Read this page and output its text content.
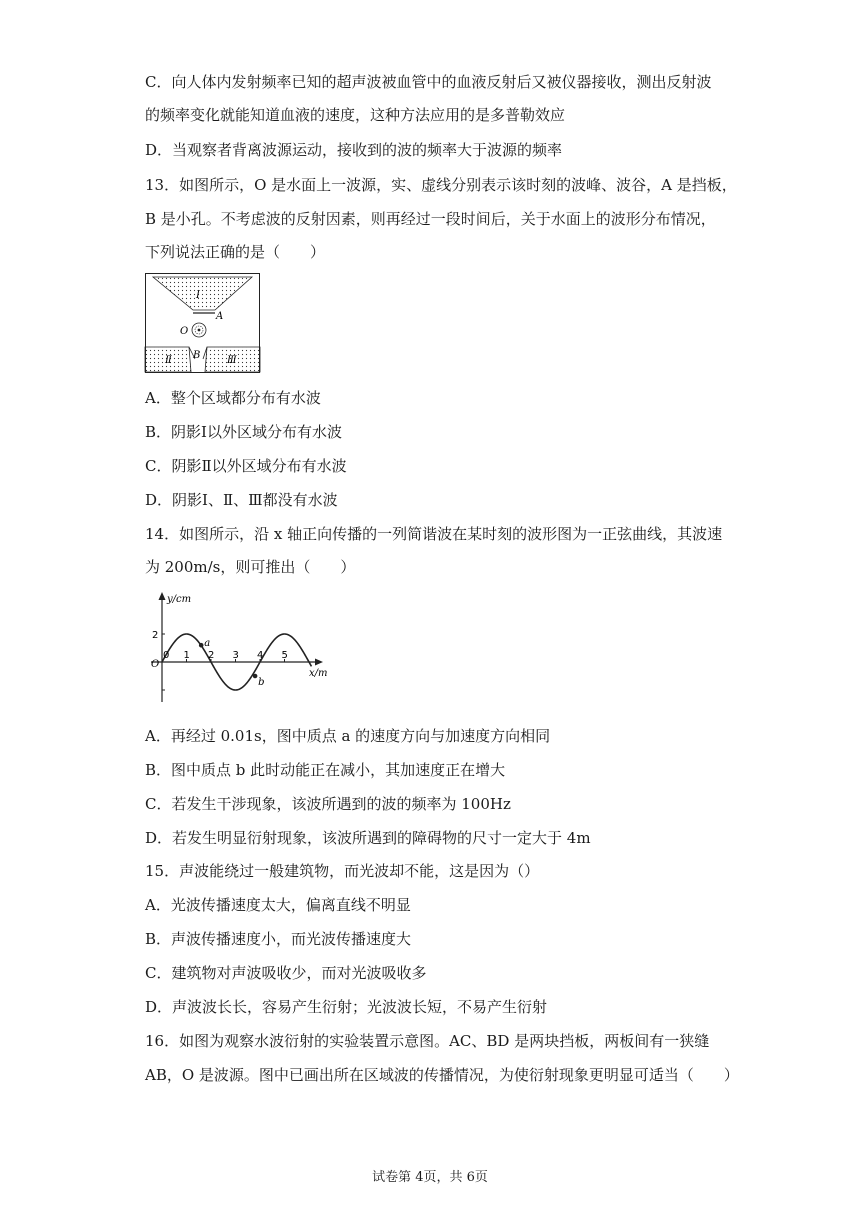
C．向人体内发射频率已知的超声波被血管中的血液反射后又被仪器接收，测出反射波
的频率变化就能知道血液的速度，这种方法应用的是多普勒效应
D．当观察者背离波源运动，接收到的波的频率大于波源的频率
13．如图所示，O 是水面上一波源，实、虚线分别表示该时刻的波峰、波谷，A 是挡板，
B 是小孔。不考虑波的反射因素，则再经过一段时间后，关于水面上的波形分布情况，
下列说法正确的是（　　）
Ⅰ
A
O
Ⅱ B	Ⅲ
A．整个区域都分布有水波
B．阴影Ⅰ以外区域分布有水波
C．阴影Ⅱ以外区域分布有水波
D．阴影Ⅰ、Ⅱ、Ⅲ都没有水波
14．如图所示，沿 x 轴正向传播的一列简谐波在某时刻的波形图为一正弦曲线，其波速
为 200m/s，则可推出（　　）
y/cm
x/m
O
0 1 2 3 4 5
2
a
b
A．再经过 0.01s，图中质点 a 的速度方向与加速度方向相同
B．图中质点 b 此时动能正在减小，其加速度正在增大
C．若发生干涉现象，该波所遇到的波的频率为 100Hz
D．若发生明显衍射现象，该波所遇到的障碍物的尺寸一定大于 4m
15．声波能绕过一般建筑物，而光波却不能，这是因为（）
A．光波传播速度太大，偏离直线不明显
B．声波传播速度小，而光波传播速度大
C．建筑物对声波吸收少，而对光波吸收多
D．声波波长长，容易产生衍射；光波波长短，不易产生衍射
16．如图为观察水波衍射的实验装置示意图。AC、BD 是两块挡板，两板间有一狭缝
AB，O 是波源。图中已画出所在区域波的传播情况，为使衍射现象更明显可适当（　　）
试卷第 4页，共 6页
